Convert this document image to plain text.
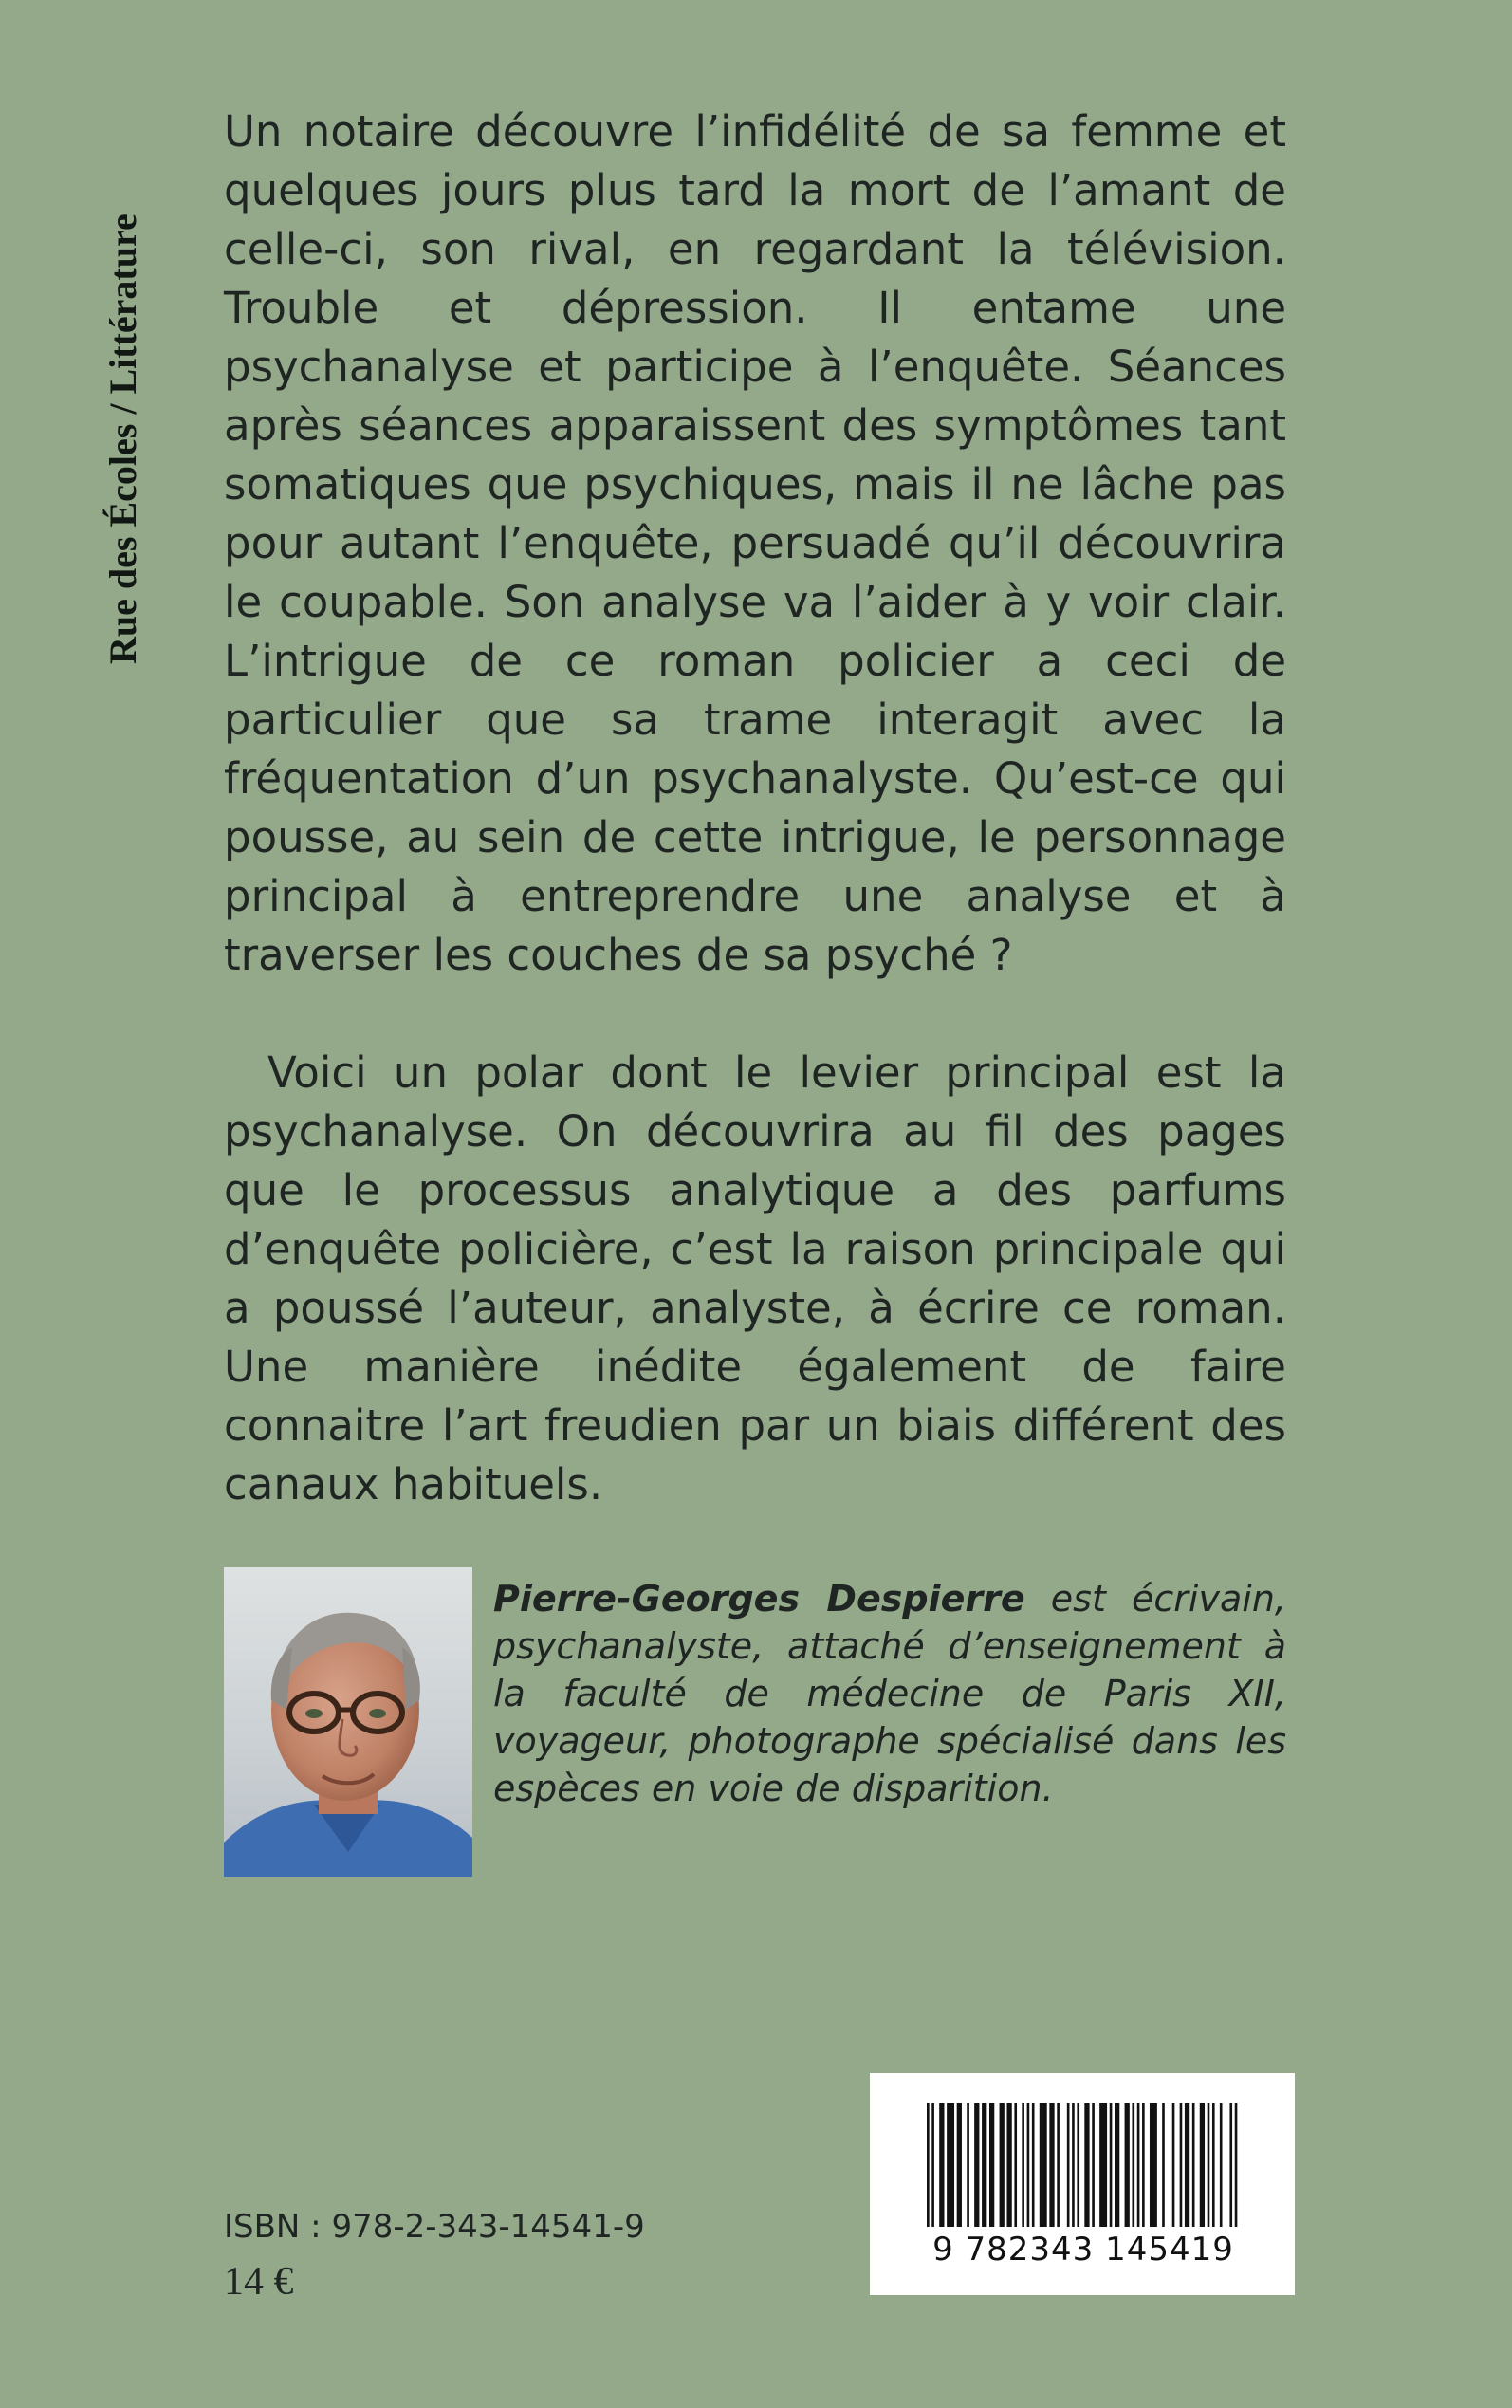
Rue des Écoles / Littérature

Un notaire découvre l’infidélité de sa femme et quelques jours plus tard la mort de l’amant de celle-ci, son rival, en regardant la télévision. Trouble et dépression. Il entame une psychanalyse et participe à l’enquête. Séances après séances apparaissent des symptômes tant somatiques que psychiques, mais il ne lâche pas pour autant l’enquête, persuadé qu’il découvrira le coupable. Son analyse va l’aider à y voir clair. L’intrigue de ce roman policier a ceci de particulier que sa trame interagit avec la fréquentation d’un psychanalyste. Qu’est-ce qui pousse, au sein de cette intrigue, le personnage principal à entreprendre une analyse et à traverser les couches de sa psyché ?

Voici un polar dont le levier principal est la psychanalyse. On découvrira au fil des pages que le processus analytique a des parfums d’enquête policière, c’est la raison principale qui a poussé l’auteur, analyste, à écrire ce roman. Une manière inédite également de faire connaitre l’art freudien par un biais différent des canaux habituels.

Pierre-Georges Despierre est écrivain, psychanalyste, attaché d’enseignement à la faculté de médecine de Paris XII, voyageur, photographe spécialisé dans les espèces en voie de disparition.
9 782343 145419
ISBN : 978-2-343-14541-9
14 €
